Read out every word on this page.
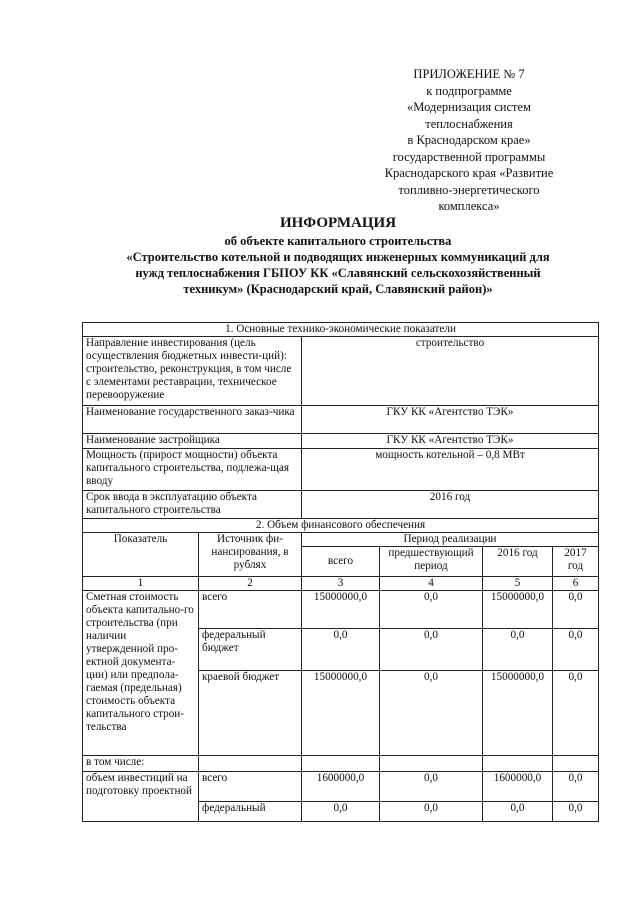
ПРИЛОЖЕНИЕ № 7
к подпрограмме
«Модернизация систем
теплоснабжения
в Краснодарском крае»
государственной программы
Краснодарского края «Развитие
топливно-энергетического
комплекса»
ИНФОРМАЦИЯ
об объекте капитального строительства
«Строительство котельной и подводящих инженерных коммуникаций для
нужд теплоснабжения ГБПОУ КК «Славянский сельскохозяйственный
техникум» (Краснодарский край, Славянский район)»
1. Основные технико-экономические показатели					
Направление инвестирования (цель осуществления бюджетных инвести-ций): строительство, реконструкция, в том числе с элементами реставрации, техническое перевооружение		строительство			
Наименование государственного заказ-чика		ГКУ КК «Агентство ТЭК»			
Наименование застройщика		ГКУ КК «Агентство ТЭК»			
Мощность (прирост мощности) объекта капитального строительства, подлежа-щая вводу		мощность котельной – 0,8 МВт			
Срок ввода в эксплуатацию объекта капитального строительства		2016 год			
2. Объем финансового обеспечения					
Показатель	Источник фи-нансирования, в рублях	Период реализации			
		всего	предшествующий период	2016 год	2017 год
1	2	3	4	5	6
Сметная стоимость объекта капитально-го строительства (при наличии утвержденной про-ектной документа-ции) или предпола-гаемая (предельная) стоимость объекта капитального строи-тельства	всего	15000000,0	0,0	15000000,0	0,0
	федеральный бюджет	0,0	0,0	0,0	0,0
	краевой бюджет	15000000,0	0,0	15000000,0	0,0
в том числе:					
объем инвестиций на подготовку проектной	всего	1600000,0	0,0	1600000,0	0,0
	федеральный	0,0	0,0	0,0	0,0
